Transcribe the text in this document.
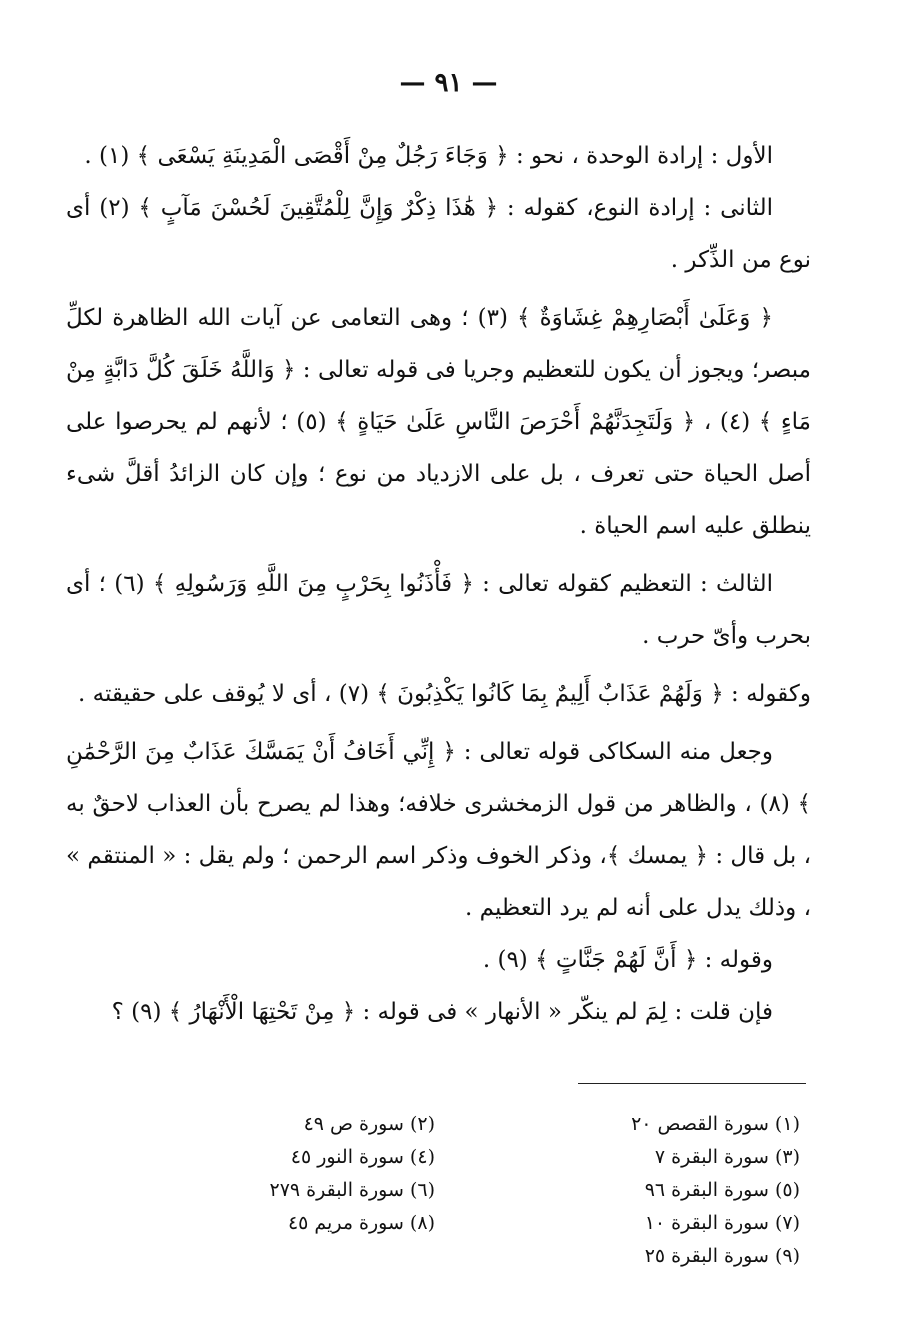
— ٩١ —

الأول : إرادة الوحدة ، نحو : ﴿ وَجَاءَ رَجُلٌ مِنْ أَقْصَى الْمَدِينَةِ يَسْعَى ﴾ (١) .

الثانى : إرادة النوع، كقوله : ﴿ هَٰذَا ذِكْرٌ وَإِنَّ لِلْمُتَّقِينَ لَحُسْنَ مَآبٍ ﴾ (٢) أى نوع من الذِّكر .

﴿ وَعَلَىٰ أَبْصَارِهِمْ غِشَاوَةٌ ﴾ (٣) ؛ وهى التعامى عن آيات الله الظاهرة لكلِّ مبصر؛ ويجوز أن يكون للتعظيم وجريا فى قوله تعالى : ﴿ وَاللَّهُ خَلَقَ كُلَّ دَابَّةٍ مِنْ مَاءٍ ﴾ (٤) ، ﴿ وَلَتَجِدَنَّهُمْ أَحْرَصَ النَّاسِ عَلَىٰ حَيَاةٍ ﴾ (٥) ؛ لأنهم لم يحرصوا على أصل الحياة حتى تعرف ، بل على الازدياد من نوع ؛ وإن كان الزائدُ أقلَّ شىء ينطلق عليه اسم الحياة .

الثالث : التعظيم كقوله تعالى : ﴿ فَأْذَنُوا بِحَرْبٍ مِنَ اللَّهِ وَرَسُولِهِ ﴾ (٦) ؛ أى بحرب وأىّ حرب .

وكقوله : ﴿ وَلَهُمْ عَذَابٌ أَلِيمٌ بِمَا كَانُوا يَكْذِبُونَ ﴾ (٧) ، أى لا يُوقف على حقيقته .

وجعل منه السكاكى قوله تعالى : ﴿ إِنِّي أَخَافُ أَنْ يَمَسَّكَ عَذَابٌ مِنَ الرَّحْمَٰنِ ﴾ (٨) ، والظاهر من قول الزمخشرى خلافه؛ وهذا لم يصرح بأن العذاب لاحقٌ به ، بل قال : ﴿ يمسك ﴾، وذكر الخوف وذكر اسم الرحمن ؛ ولم يقل : « المنتقم » ، وذلك يدل على أنه لم يرد التعظيم .

وقوله : ﴿ أَنَّ لَهُمْ جَنَّاتٍ ﴾ (٩) .

فإن قلت : لِمَ لم ينكّر « الأنهار » فى قوله : ﴿ مِنْ تَحْتِهَا الْأَنْهَارُ ﴾ (٩) ؟

(١) سورة القصص ٢٠
(٣) سورة البقرة ٧
(٥) سورة البقرة ٩٦
(٧) سورة البقرة ١٠
(٩) سورة البقرة ٢٥
(٢) سورة ص ٤٩
(٤) سورة النور ٤٥
(٦) سورة البقرة ٢٧٩
(٨) سورة مريم ٤٥
